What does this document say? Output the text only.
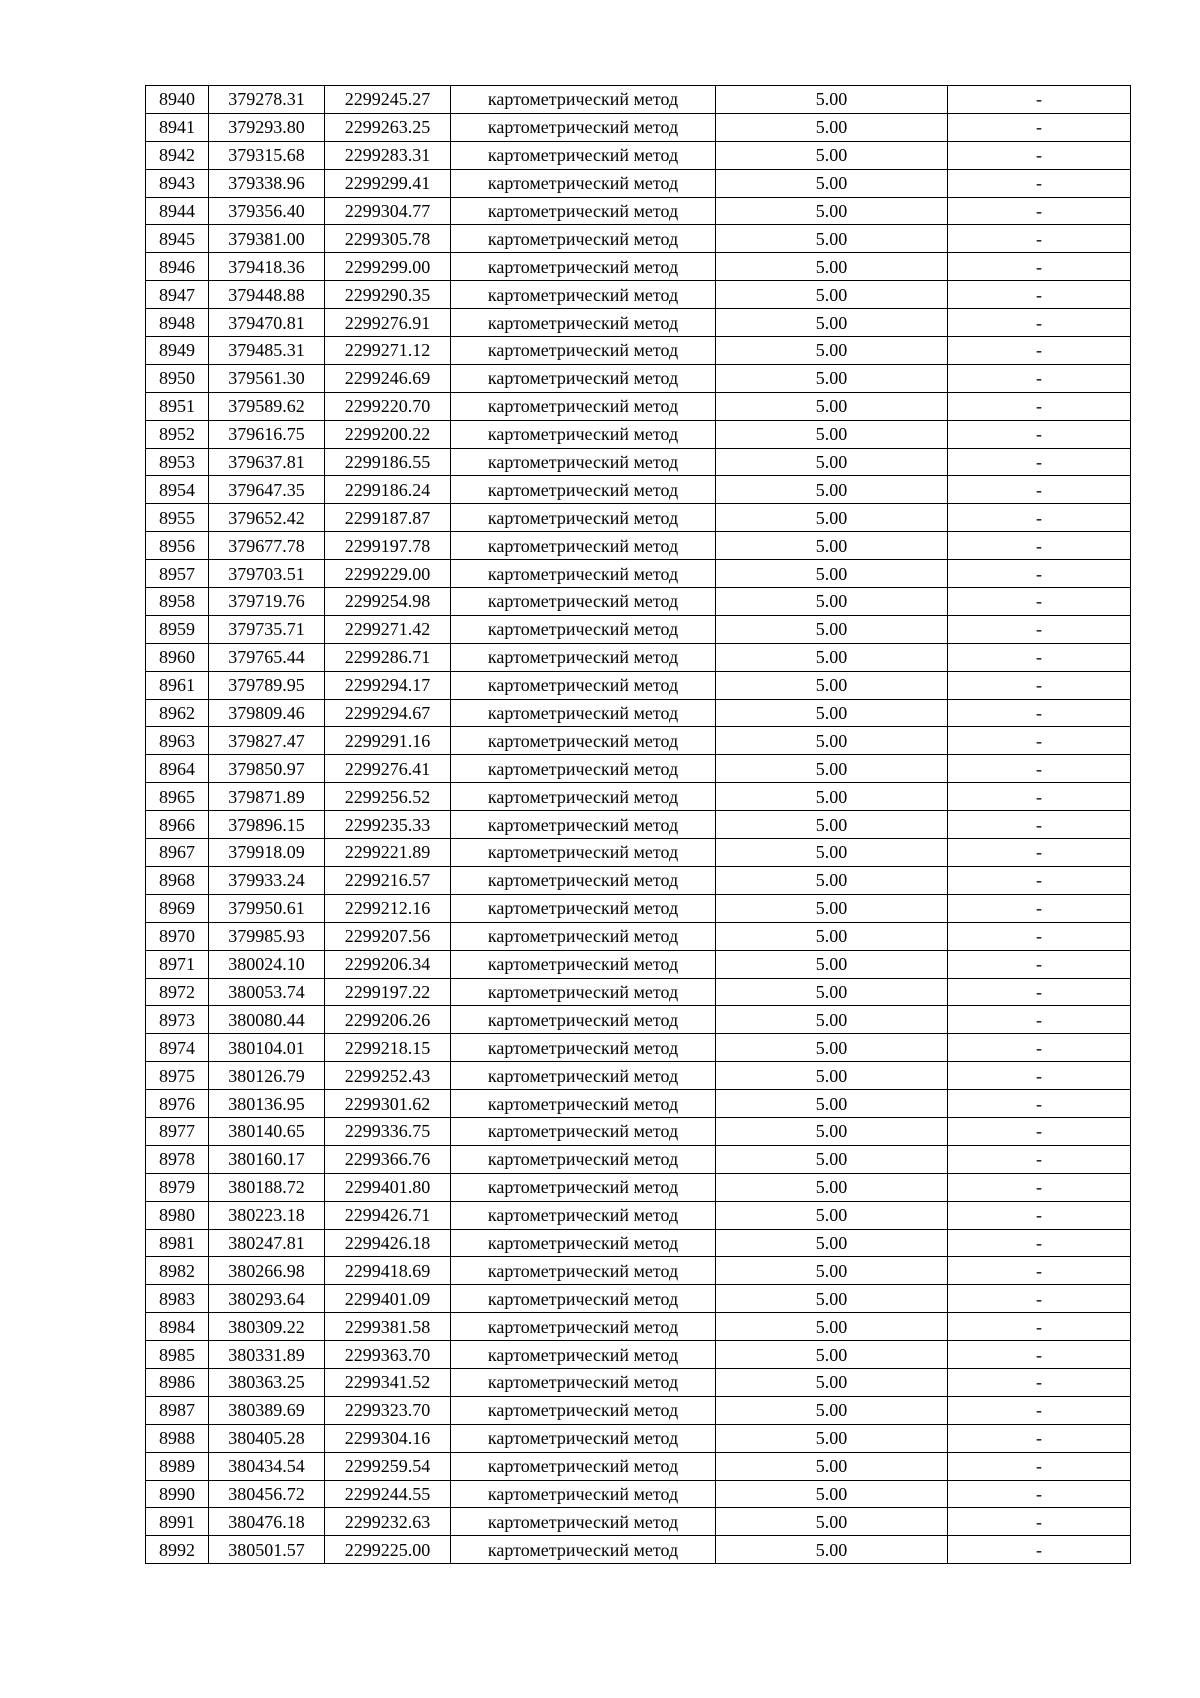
8940	379278.31	2299245.27	картометрический метод	5.00	-
8941	379293.80	2299263.25	картометрический метод	5.00	-
8942	379315.68	2299283.31	картометрический метод	5.00	-
8943	379338.96	2299299.41	картометрический метод	5.00	-
8944	379356.40	2299304.77	картометрический метод	5.00	-
8945	379381.00	2299305.78	картометрический метод	5.00	-
8946	379418.36	2299299.00	картометрический метод	5.00	-
8947	379448.88	2299290.35	картометрический метод	5.00	-
8948	379470.81	2299276.91	картометрический метод	5.00	-
8949	379485.31	2299271.12	картометрический метод	5.00	-
8950	379561.30	2299246.69	картометрический метод	5.00	-
8951	379589.62	2299220.70	картометрический метод	5.00	-
8952	379616.75	2299200.22	картометрический метод	5.00	-
8953	379637.81	2299186.55	картометрический метод	5.00	-
8954	379647.35	2299186.24	картометрический метод	5.00	-
8955	379652.42	2299187.87	картометрический метод	5.00	-
8956	379677.78	2299197.78	картометрический метод	5.00	-
8957	379703.51	2299229.00	картометрический метод	5.00	-
8958	379719.76	2299254.98	картометрический метод	5.00	-
8959	379735.71	2299271.42	картометрический метод	5.00	-
8960	379765.44	2299286.71	картометрический метод	5.00	-
8961	379789.95	2299294.17	картометрический метод	5.00	-
8962	379809.46	2299294.67	картометрический метод	5.00	-
8963	379827.47	2299291.16	картометрический метод	5.00	-
8964	379850.97	2299276.41	картометрический метод	5.00	-
8965	379871.89	2299256.52	картометрический метод	5.00	-
8966	379896.15	2299235.33	картометрический метод	5.00	-
8967	379918.09	2299221.89	картометрический метод	5.00	-
8968	379933.24	2299216.57	картометрический метод	5.00	-
8969	379950.61	2299212.16	картометрический метод	5.00	-
8970	379985.93	2299207.56	картометрический метод	5.00	-
8971	380024.10	2299206.34	картометрический метод	5.00	-
8972	380053.74	2299197.22	картометрический метод	5.00	-
8973	380080.44	2299206.26	картометрический метод	5.00	-
8974	380104.01	2299218.15	картометрический метод	5.00	-
8975	380126.79	2299252.43	картометрический метод	5.00	-
8976	380136.95	2299301.62	картометрический метод	5.00	-
8977	380140.65	2299336.75	картометрический метод	5.00	-
8978	380160.17	2299366.76	картометрический метод	5.00	-
8979	380188.72	2299401.80	картометрический метод	5.00	-
8980	380223.18	2299426.71	картометрический метод	5.00	-
8981	380247.81	2299426.18	картометрический метод	5.00	-
8982	380266.98	2299418.69	картометрический метод	5.00	-
8983	380293.64	2299401.09	картометрический метод	5.00	-
8984	380309.22	2299381.58	картометрический метод	5.00	-
8985	380331.89	2299363.70	картометрический метод	5.00	-
8986	380363.25	2299341.52	картометрический метод	5.00	-
8987	380389.69	2299323.70	картометрический метод	5.00	-
8988	380405.28	2299304.16	картометрический метод	5.00	-
8989	380434.54	2299259.54	картометрический метод	5.00	-
8990	380456.72	2299244.55	картометрический метод	5.00	-
8991	380476.18	2299232.63	картометрический метод	5.00	-
8992	380501.57	2299225.00	картометрический метод	5.00	-
